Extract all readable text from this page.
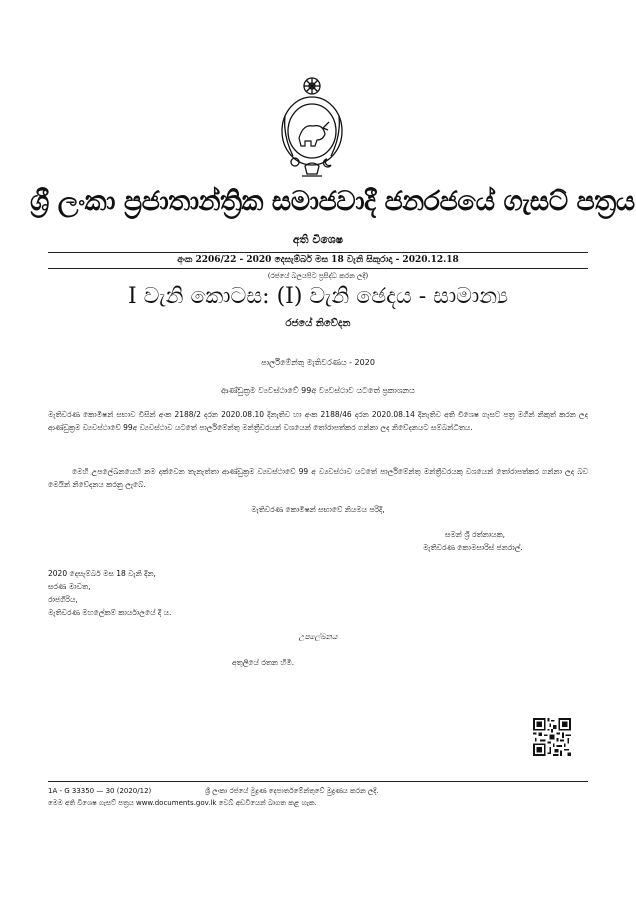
ශ්‍රී ලංකා ප්‍රජාතාන්ත්‍රික සමාජවාදී ජනරජයේ ගැසට් පත්‍රය
අති විශෙෂ
අංක 2206/22 - 2020 දෙසැම්බර් මස 18 වැනි සිකුරාදා - 2020.12.18
(රජයේ බලයපිට ප්‍රසිද්ධ කරන ලදී)
I වැනි කොටස: (I) වැනි ඡෙදය - සාමාන්‍ය
රජයේ නිවේදන
පාර්ලිමේන්තු මැතිවරණය - 2020
ආණ්ඩුක්‍රම ව්‍යවස්ථාවේ 99අ ව්‍යවස්ථාව යටතේ ප්‍රකාශනය
මැතිවරණ කොමිෂන් සභාව විසින් අංක 2188/2 දරන 2020.08.10 දිනැතිව හා අංක 2188/46 දරන 2020.08.14 දිනැතිව අති විශෙෂ ගැසට් පත්‍ර මගින් නිකුත් කරන ලද ආණ්ඩුක්‍රම ව්‍යවස්ථාවේ 99අ ව්‍යවස්ථාව යටතේ පාර්ලිමේන්තු මන්ත්‍රීවරයන් වශයෙන් තෝරාපත්කර ගන්නා ලද නිවේදනයට සම්බන්ධිතය.
මෙහි උපලේඛනයෙහි නම දක්වෙන තැනැත්තා ආණ්ඩුක්‍රම ව්‍යවස්ථාවේ 99 අ ව්‍යවස්ථාව යටතේ පාර්ලිමේන්තු මන්ත්‍රීවරයකු වශයෙන් තෝරාපත්කර ගන්නා ලද බව මෙයින් නිවේදනය කරනු ලැබේ.
මැතිවරණ කොමිෂන් සභාවේ නියමය පරිදි,
සමන් ශ්‍රී රත්නායක,
මැතිවරණ කොමසාරිස් ජනරාල්.
2020 දෙසැම්බර් මස 18 වැනි දින,
සරණ මාවත,
රාජගිරිය,
මැතිවරණ මහලේකම් කාර්යාලයේ දී ය.
උපලේඛනය
අතුලියේ රතන හිමි.
1A - G 33350 — 30 (2020/12)	ශ්‍රී ලංකා රජයේ මුද්‍රණ දෙපාර්තමේන්තුවේ මුද්‍රණය කරන ලදී.
මෙම අති විශෙෂ ගැසට් පත්‍රය www.documents.gov.lk වෙබ් අඩවියෙන් බාගත කළ හැක.
